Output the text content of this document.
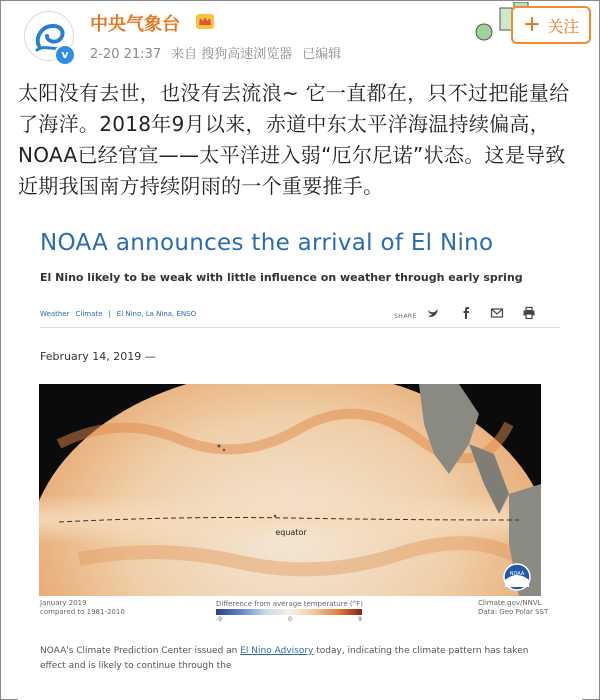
v
中央气象台
2-20 21:37 来自 搜狗高速浏览器 已编辑
+ 关注
太阳没有去世，也没有去流浪~ 它一直都在，只不过把能量给了海洋。2018年9月以来，赤道中东太平洋海温持续偏高，NOAA已经官宣——太平洋进入弱“厄尔尼诺”状态。这是导致近期我国南方持续阴雨的一个重要推手。
NOAA announces the arrival of El Nino
El Nino likely to be weak with little influence on weather through early spring
Weather Climate | El Nino, La Nina, ENSO	SHARE
February 14, 2019 —
equator
NOAA
January 2019
compared to 1981-2010
Difference from average temperature (°F)
-9	0	9
Climate.gov/NNVL
Data: Geo Polar SST
NOAA's Climate Prediction Center issued an El Nino Advisory today, indicating the climate pattern has taken effect and is likely to continue through the
